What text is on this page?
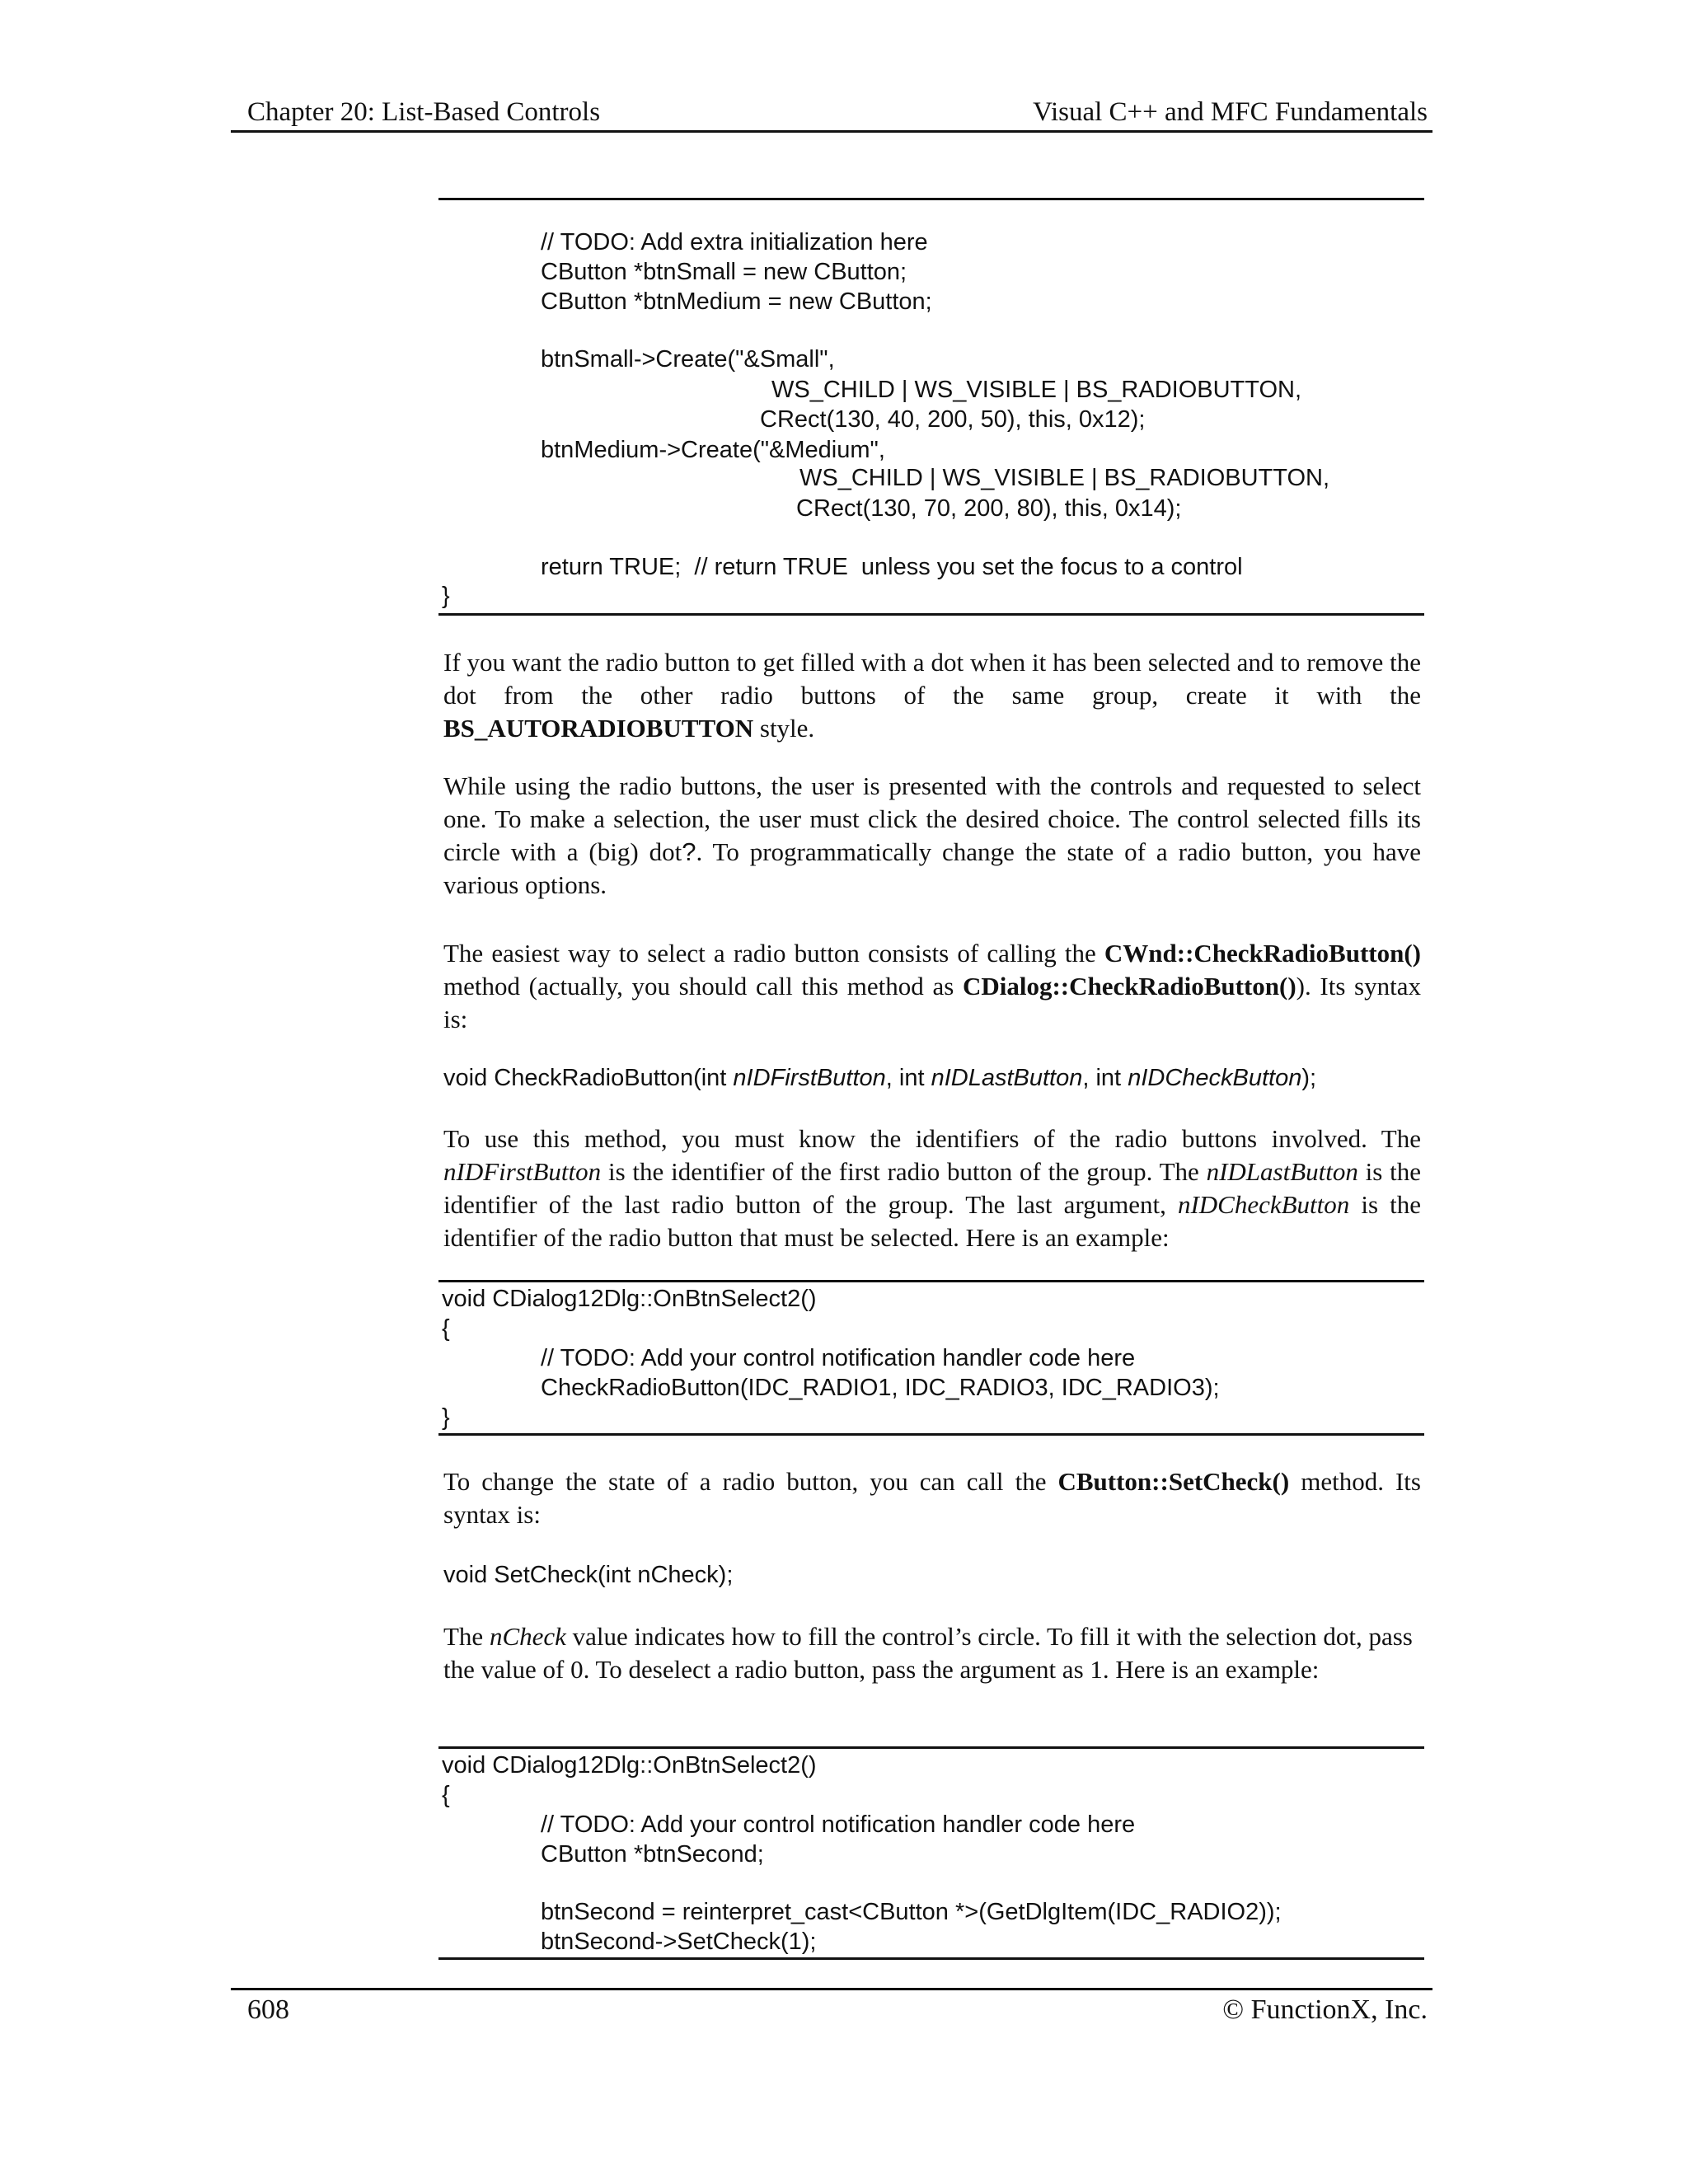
Chapter 20: List-Based Controls	Visual C++ and MFC Fundamentals
// TODO: Add extra initialization here
CButton *btnSmall = new CButton;
CButton *btnMedium = new CButton;
btnSmall->Create("&Small",
WS_CHILD | WS_VISIBLE | BS_RADIOBUTTON,
CRect(130, 40, 200, 50), this, 0x12);
btnMedium->Create("&Medium",
WS_CHILD | WS_VISIBLE | BS_RADIOBUTTON,
CRect(130, 70, 200, 80), this, 0x14);
return TRUE;  // return TRUE  unless you set the focus to a control
}
If you want the radio button to get filled with a dot when it has been selected and to remove the dot from the other radio buttons of the same group, create it with the BS_AUTORADIOBUTTON style.
While using the radio buttons, the user is presented with the controls and requested to select one. To make a selection, the user must click the desired choice. The control selected fills its circle with a (big) dot?. To programmatically change the state of a radio button, you have various options.
The easiest way to select a radio button consists of calling the CWnd::CheckRadioButton() method (actually, you should call this method as CDialog::CheckRadioButton()). Its syntax is:
void CheckRadioButton(int nIDFirstButton, int nIDLastButton, int nIDCheckButton);
To use this method, you must know the identifiers of the radio buttons involved. The nIDFirstButton is the identifier of the first radio button of the group. The nIDLastButton is the identifier of the last radio button of the group. The last argument, nIDCheckButton is the identifier of the radio button that must be selected. Here is an example:
void CDialog12Dlg::OnBtnSelect2()
{
// TODO: Add your control notification handler code here
CheckRadioButton(IDC_RADIO1, IDC_RADIO3, IDC_RADIO3);
}
To change the state of a radio button, you can call the CButton::SetCheck() method. Its syntax is:
void SetCheck(int nCheck);
The nCheck value indicates how to fill the control’s circle. To fill it with the selection dot, pass the value of 0. To deselect a radio button, pass the argument as 1. Here is an example:
void CDialog12Dlg::OnBtnSelect2()
{
// TODO: Add your control notification handler code here
CButton *btnSecond;
btnSecond = reinterpret_cast<CButton *>(GetDlgItem(IDC_RADIO2));
btnSecond->SetCheck(1);
608	© FunctionX, Inc.
